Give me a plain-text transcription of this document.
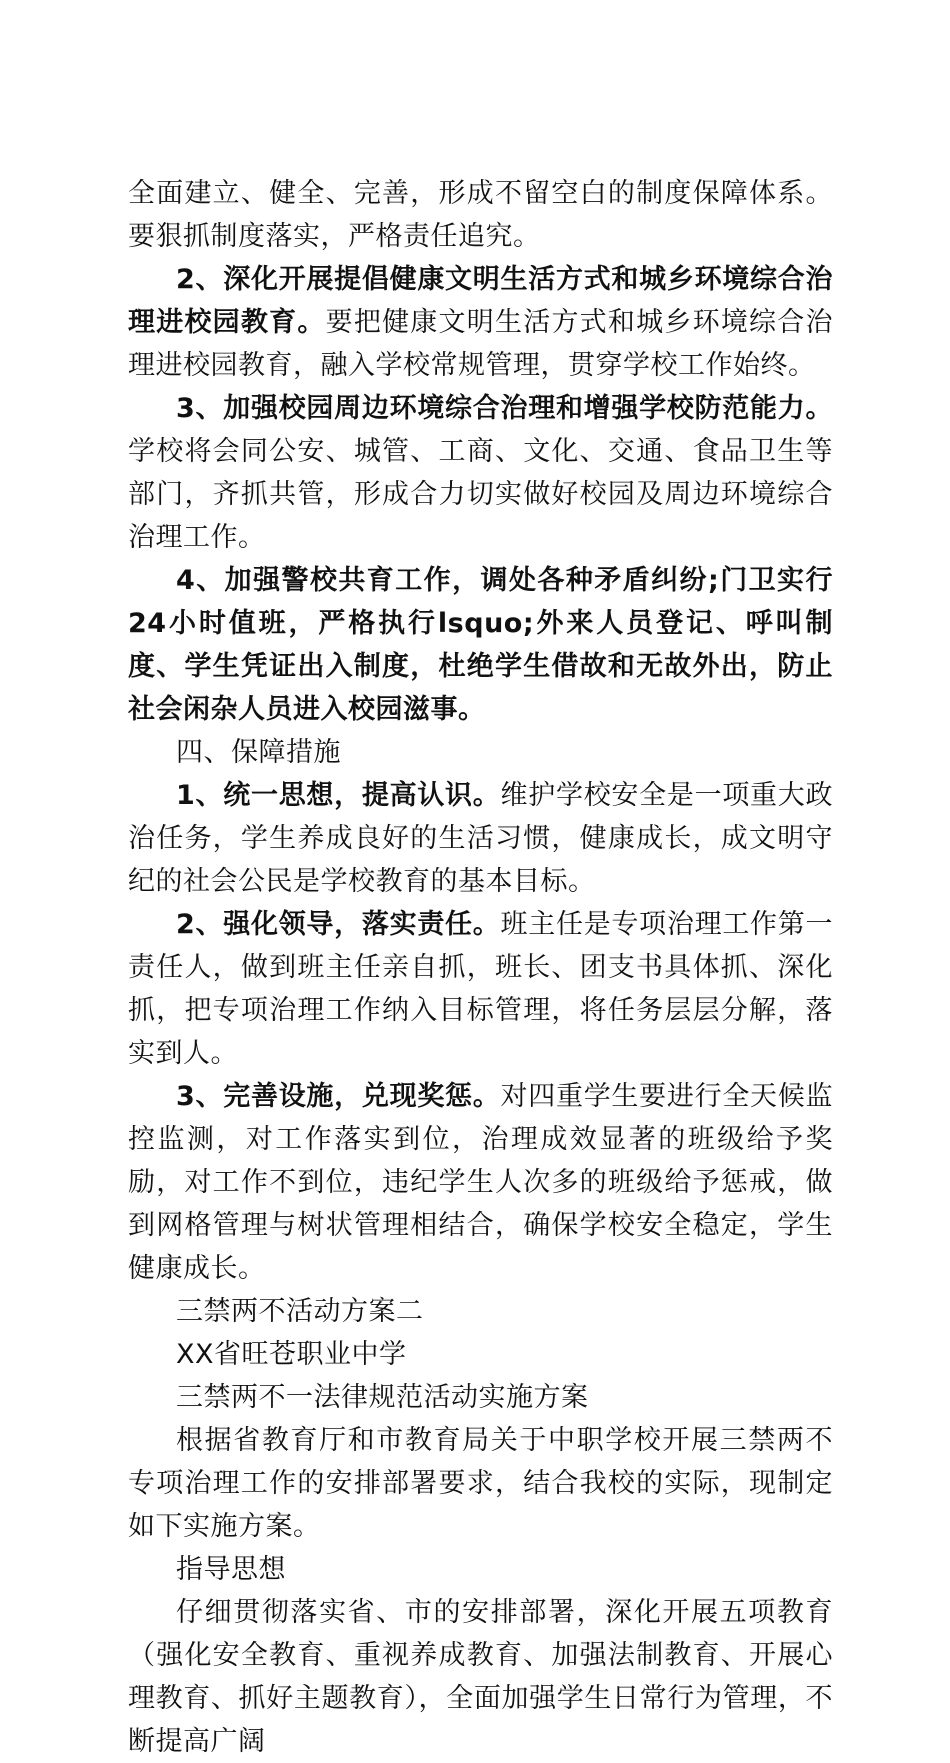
全面建立、健全、完善，形成不留空白的制度保障体系。要狠抓制度落实，严格责任追究。

2、深化开展提倡健康文明生活方式和城乡环境综合治理进校园教育。要把健康文明生活方式和城乡环境综合治理进校园教育，融入学校常规管理，贯穿学校工作始终。

3、加强校园周边环境综合治理和增强学校防范能力。学校将会同公安、城管、工商、文化、交通、食品卫生等部门，齐抓共管，形成合力切实做好校园及周边环境综合治理工作。

4、加强警校共育工作，调处各种矛盾纠纷;门卫实行24小时值班，严格执行lsquo;外来人员登记、呼叫制度、学生凭证出入制度，杜绝学生借故和无故外出，防止社会闲杂人员进入校园滋事。

四、保障措施

1、统一思想，提高认识。维护学校安全是一项重大政治任务，学生养成良好的生活习惯，健康成长，成文明守纪的社会公民是学校教育的基本目标。

2、强化领导，落实责任。班主任是专项治理工作第一责任人，做到班主任亲自抓，班长、团支书具体抓、深化抓，把专项治理工作纳入目标管理，将任务层层分解，落实到人。

3、完善设施，兑现奖惩。对四重学生要进行全天候监控监测，对工作落实到位，治理成效显著的班级给予奖励，对工作不到位，违纪学生人次多的班级给予惩戒，做到网格管理与树状管理相结合，确保学校安全稳定，学生健康成长。

三禁两不活动方案二

XX省旺苍职业中学

三禁两不一法律规范活动实施方案

根据省教育厅和市教育局关于中职学校开展三禁两不专项治理工作的安排部署要求，结合我校的实际，现制定如下实施方案。

指导思想

仔细贯彻落实省、市的安排部署，深化开展五项教育（强化安全教育、重视养成教育、加强法制教育、开展心理教育、抓好主题教育），全面加强学生日常行为管理，不断提高广阔
